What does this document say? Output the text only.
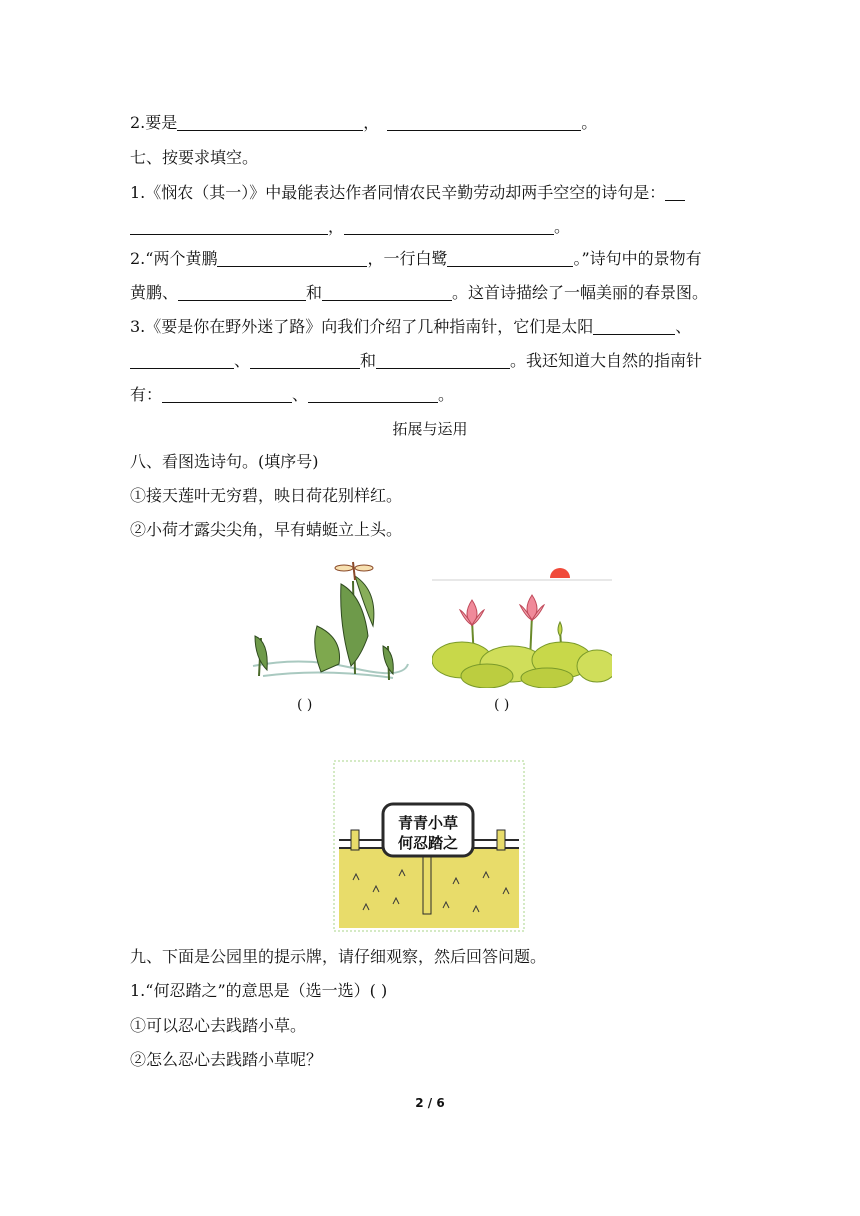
2.要是	，	。
七、按要求填空。
1.《悯农（其一）》中最能表达作者同情农民辛勤劳动却两手空空的诗句是：
，	。
2.“两个黄鹏	，一行白鹭	。”诗句中的景物有
黄鹏、	和	。这首诗描绘了一幅美丽的春景图。
3.《要是你在野外迷了路》向我们介绍了几种指南针，它们是太阳	、
、	和	。我还知道大自然的指南针
有：	、	。
拓展与运用
八、看图选诗句。(填序号)
①接天莲叶无穷碧，映日荷花别样红。
②小荷才露尖尖角，早有蜻蜓立上头。
( )	( )
青青小草
何忍踏之
九、下面是公园里的提示牌，请仔细观察，然后回答问题。
1.“何忍踏之”的意思是（选一选）( )
①可以忍心去践踏小草。
②怎么忍心去践踏小草呢？
2 / 6
